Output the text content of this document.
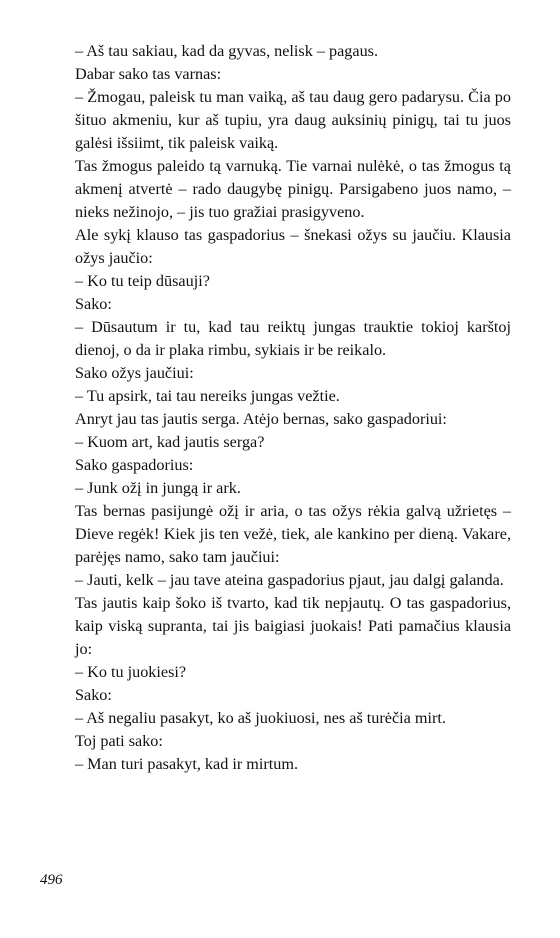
– Aš tau sakiau, kad da gyvas, nelisk – pagaus.

Dabar sako tas varnas:

– Žmogau, paleisk tu man vaiką, aš tau daug gero padarysu. Čia po šituo akmeniu, kur aš tupiu, yra daug auksinių pinigų, tai tu juos galėsi išsiimt, tik paleisk vaiką.

Tas žmogus paleido tą varnuką. Tie varnai nulėkė, o tas žmogus tą akmenį atvertė – rado daugybę pinigų. Parsigabeno juos namo, – nieks nežinojo, – jis tuo gražiai prasigyveno.

Ale sykį klauso tas gaspadorius – šnekasi ožys su jaučiu. Klausia ožys jaučio:

– Ko tu teip dūsauji?

Sako:

– Dūsautum ir tu, kad tau reiktų jungas trauktie tokioj karštoj dienoj, o da ir plaka rimbu, sykiais ir be reikalo.

Sako ožys jaučiui:

– Tu apsirk, tai tau nereiks jungas vežtie.

Anryt jau tas jautis serga. Atėjo bernas, sako gaspadoriui:

– Kuom art, kad jautis serga?

Sako gaspadorius:

– Junk ožį in jungą ir ark.

Tas bernas pasijungė ožį ir aria, o tas ožys rėkia galvą užrietęs – Dieve regėk! Kiek jis ten vežė, tiek, ale kankino per dieną. Vakare, parėjęs namo, sako tam jaučiui:

– Jauti, kelk – jau tave ateina gaspadorius pjaut, jau dalgį galanda.

Tas jautis kaip šoko iš tvarto, kad tik nepjautų. O tas gaspadorius, kaip viską supranta, tai jis baigiasi juokais! Pati pamačius klausia jo:

– Ko tu juokiesi?

Sako:

– Aš negaliu pasakyt, ko aš juokiuosi, nes aš turėčia mirt.

Toj pati sako:

– Man turi pasakyt, kad ir mirtum.

496
